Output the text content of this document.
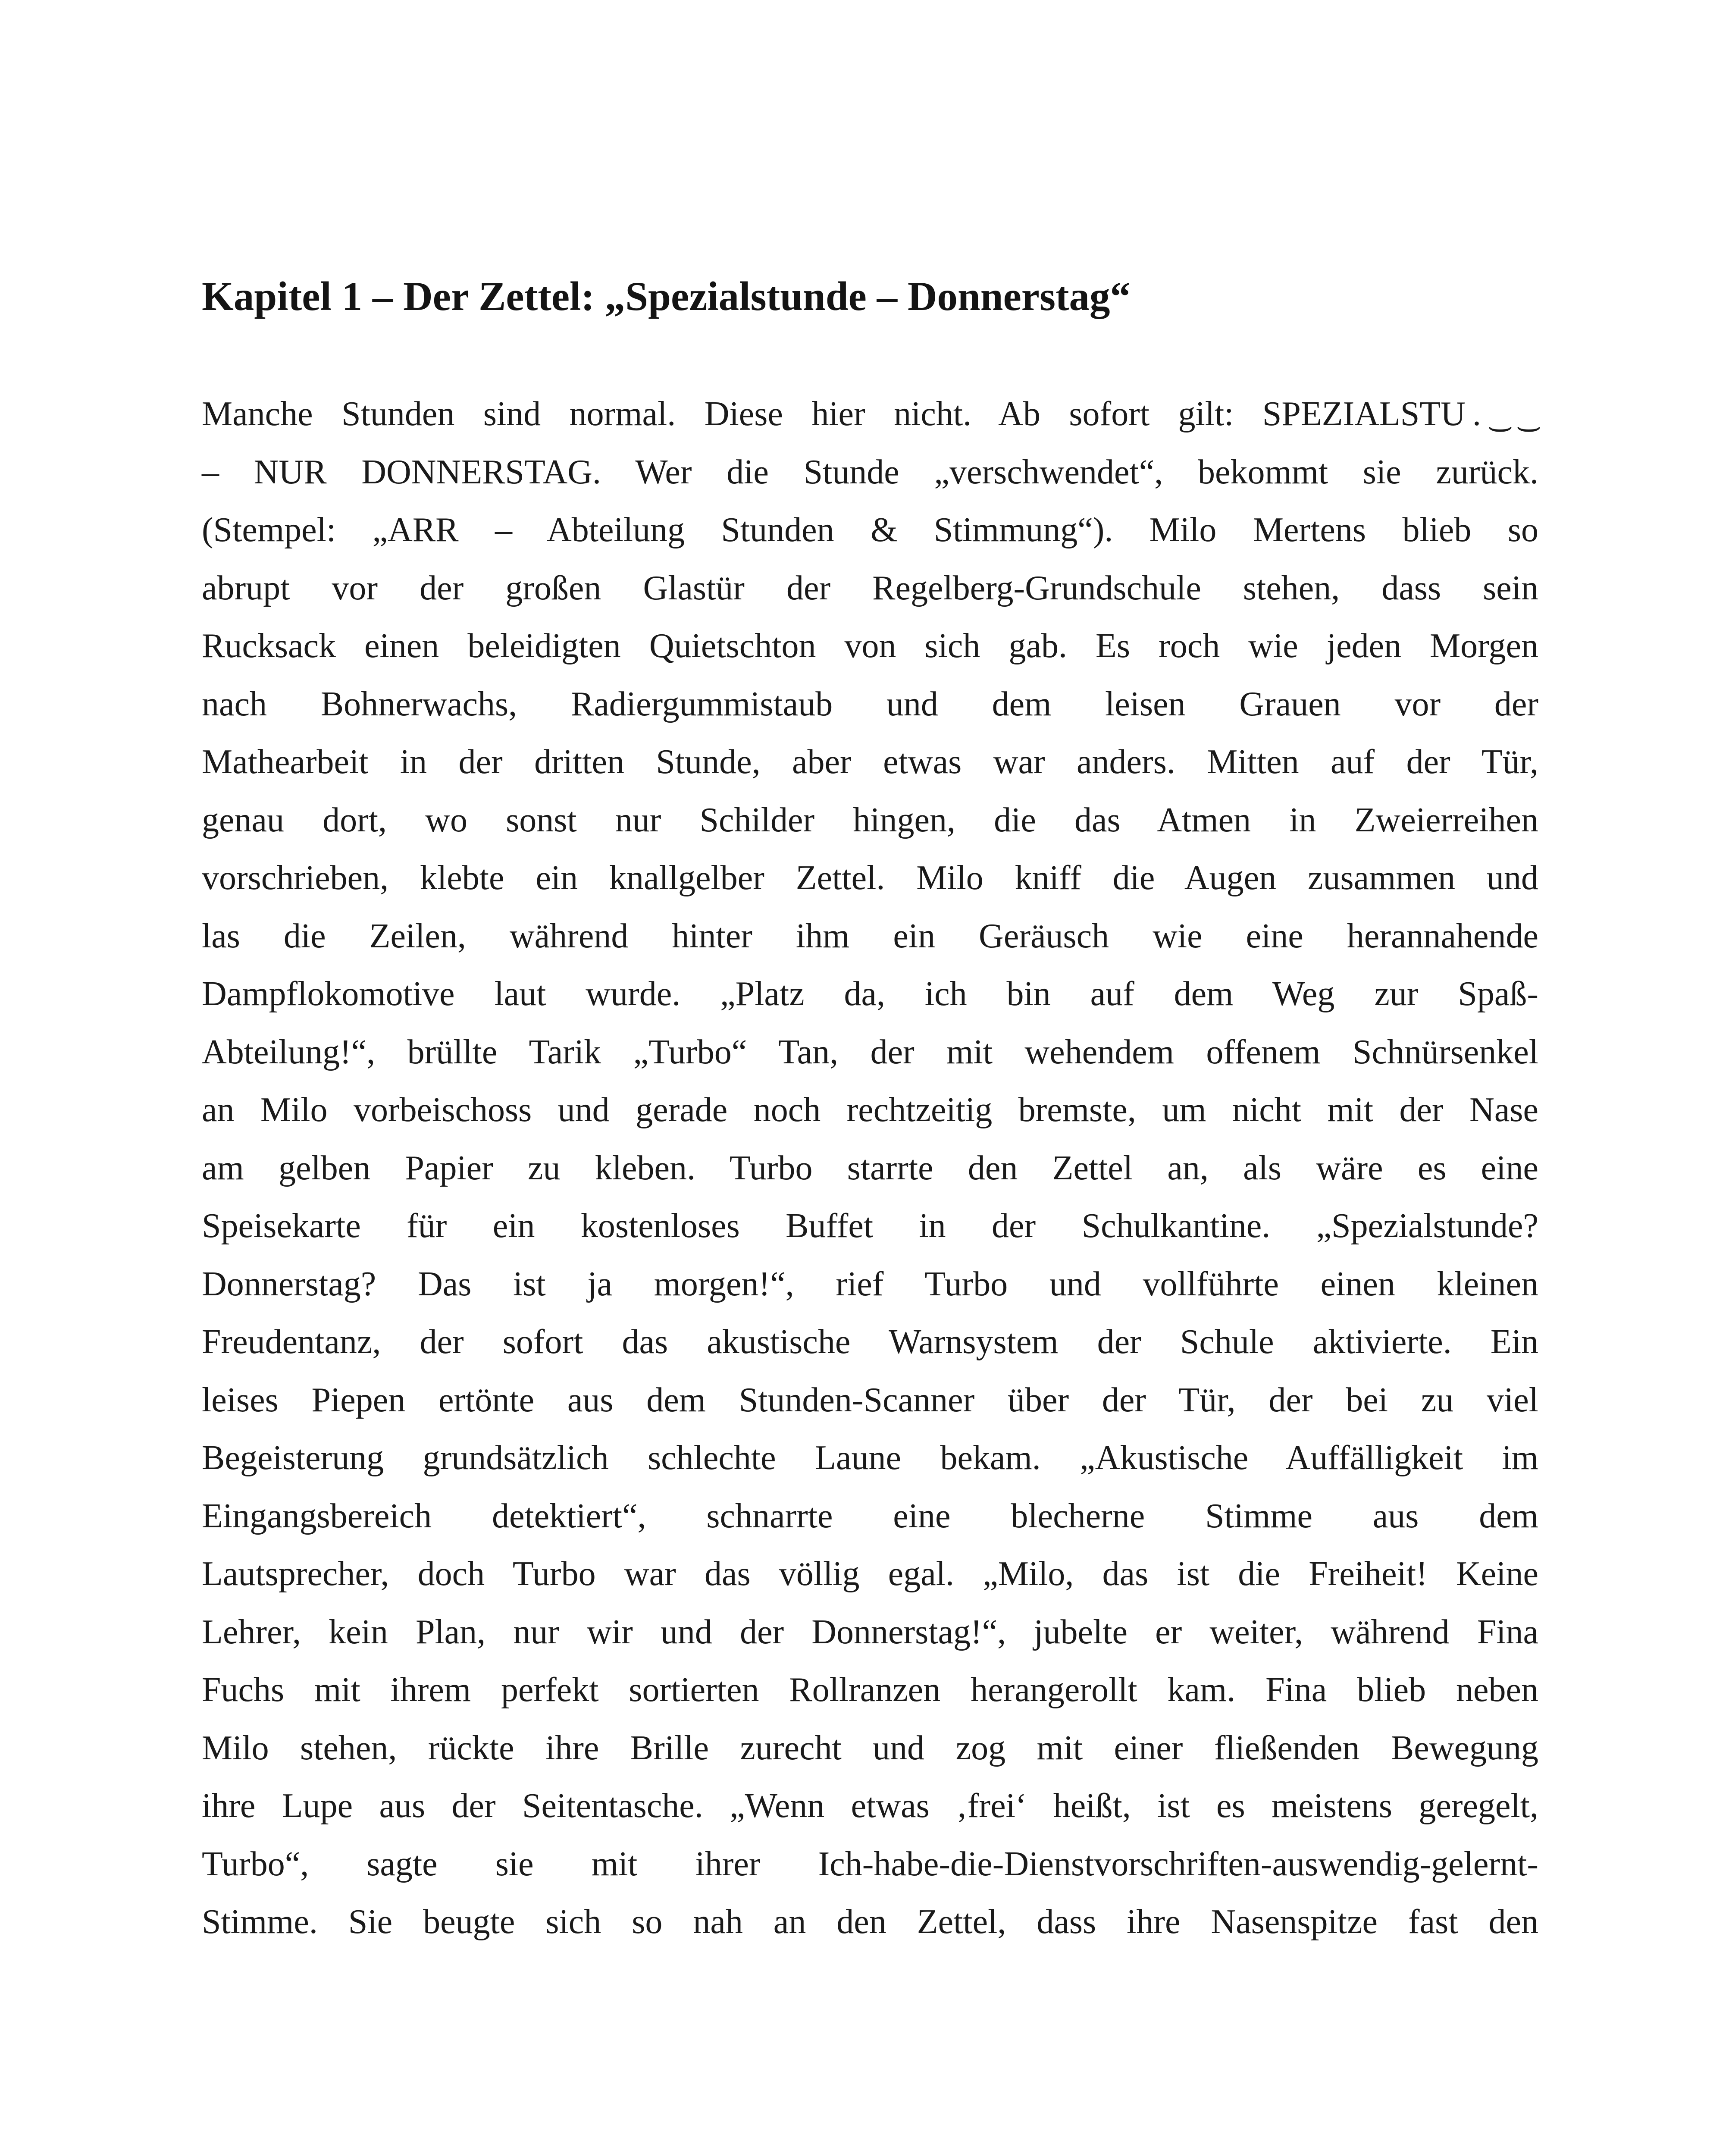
Kapitel 1 – Der Zettel: „Spezialstunde – Donnerstag“
Manche Stunden sind normal. Diese hier nicht. Ab sofort gilt: SPEZIALSTU . ͜ ͜
– NUR DONNERSTAG. Wer die Stunde „verschwendet“, bekommt sie zurück.
(Stempel: „ARR – Abteilung Stunden & Stimmung“). Milo Mertens blieb so
abrupt vor der großen Glastür der Regelberg-Grundschule stehen, dass sein
Rucksack einen beleidigten Quietschton von sich gab. Es roch wie jeden Morgen
nach Bohnerwachs, Radiergummistaub und dem leisen Grauen vor der
Mathearbeit in der dritten Stunde, aber etwas war anders. Mitten auf der Tür,
genau dort, wo sonst nur Schilder hingen, die das Atmen in Zweierreihen
vorschrieben, klebte ein knallgelber Zettel. Milo kniff die Augen zusammen und
las die Zeilen, während hinter ihm ein Geräusch wie eine herannahende
Dampflokomotive laut wurde. „Platz da, ich bin auf dem Weg zur Spaß-
Abteilung!“, brüllte Tarik „Turbo“ Tan, der mit wehendem offenem Schnürsenkel
an Milo vorbeischoss und gerade noch rechtzeitig bremste, um nicht mit der Nase
am gelben Papier zu kleben. Turbo starrte den Zettel an, als wäre es eine
Speisekarte für ein kostenloses Buffet in der Schulkantine. „Spezialstunde?
Donnerstag? Das ist ja morgen!“, rief Turbo und vollführte einen kleinen
Freudentanz, der sofort das akustische Warnsystem der Schule aktivierte. Ein
leises Piepen ertönte aus dem Stunden-Scanner über der Tür, der bei zu viel
Begeisterung grundsätzlich schlechte Laune bekam. „Akustische Auffälligkeit im
Eingangsbereich detektiert“, schnarrte eine blecherne Stimme aus dem
Lautsprecher, doch Turbo war das völlig egal. „Milo, das ist die Freiheit! Keine
Lehrer, kein Plan, nur wir und der Donnerstag!“, jubelte er weiter, während Fina
Fuchs mit ihrem perfekt sortierten Rollranzen herangerollt kam. Fina blieb neben
Milo stehen, rückte ihre Brille zurecht und zog mit einer fließenden Bewegung
ihre Lupe aus der Seitentasche. „Wenn etwas ‚frei‘ heißt, ist es meistens geregelt,
Turbo“, sagte sie mit ihrer Ich-habe-die-Dienstvorschriften-auswendig-gelernt-
Stimme. Sie beugte sich so nah an den Zettel, dass ihre Nasenspitze fast den
